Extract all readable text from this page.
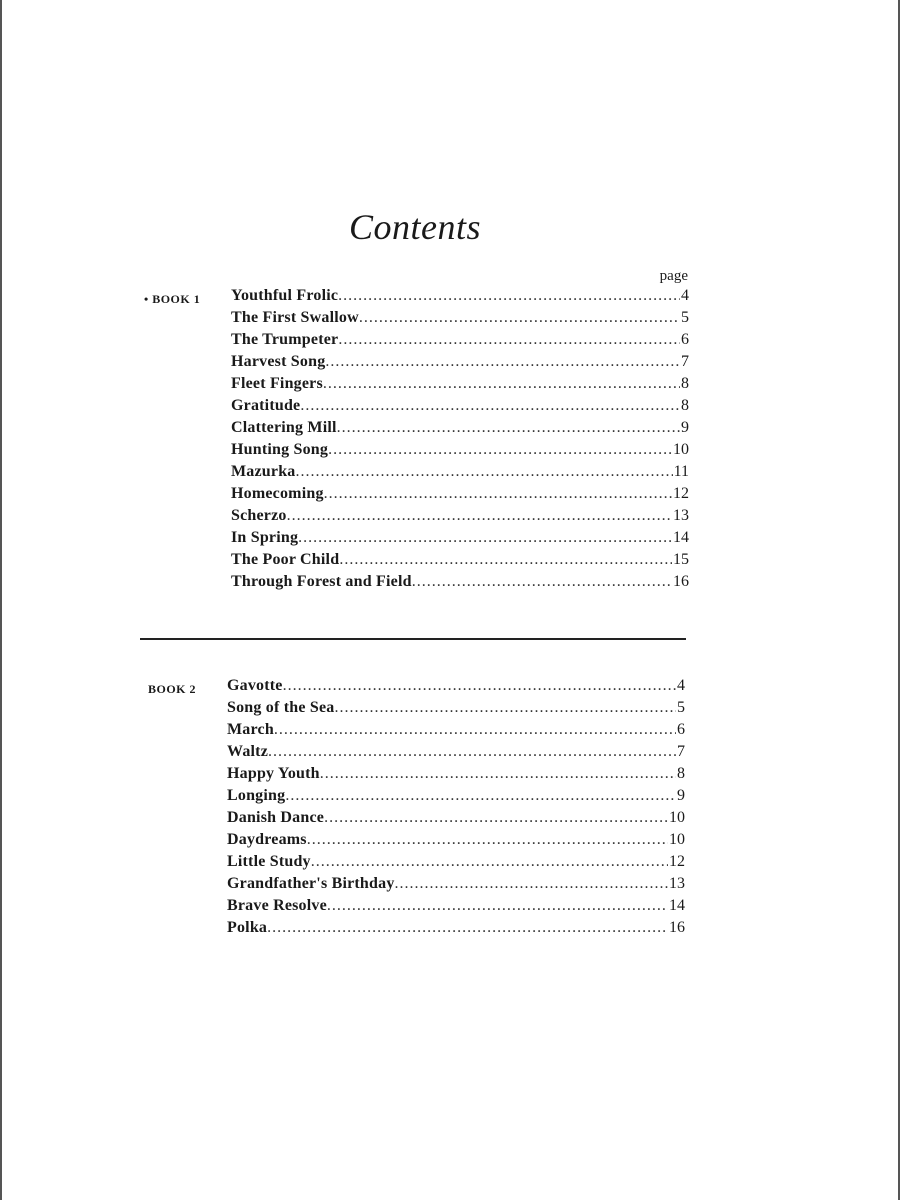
Contents
page
• BOOK 1 Youthful Frolic .....	4
The First Swallow .....	5
The Trumpeter .....	6
Harvest Song .....	7
Fleet Fingers .....	8
Gratitude .....	8
Clattering Mill .....	9
Hunting Song .....	10
Mazurka .....	11
Homecoming .....	12
Scherzo .....	13
In Spring .....	14
The Poor Child .....	15
Through Forest and Field .....	16
BOOK 2 Gavotte .....	4
Song of the Sea .....	5
March .....	6
Waltz .....	7
Happy Youth .....	8
Longing .....	9
Danish Dance .....	10
Daydreams .....	10
Little Study .....	12
Grandfather's Birthday .....	13
Brave Resolve .....	14
Polka .....	16
